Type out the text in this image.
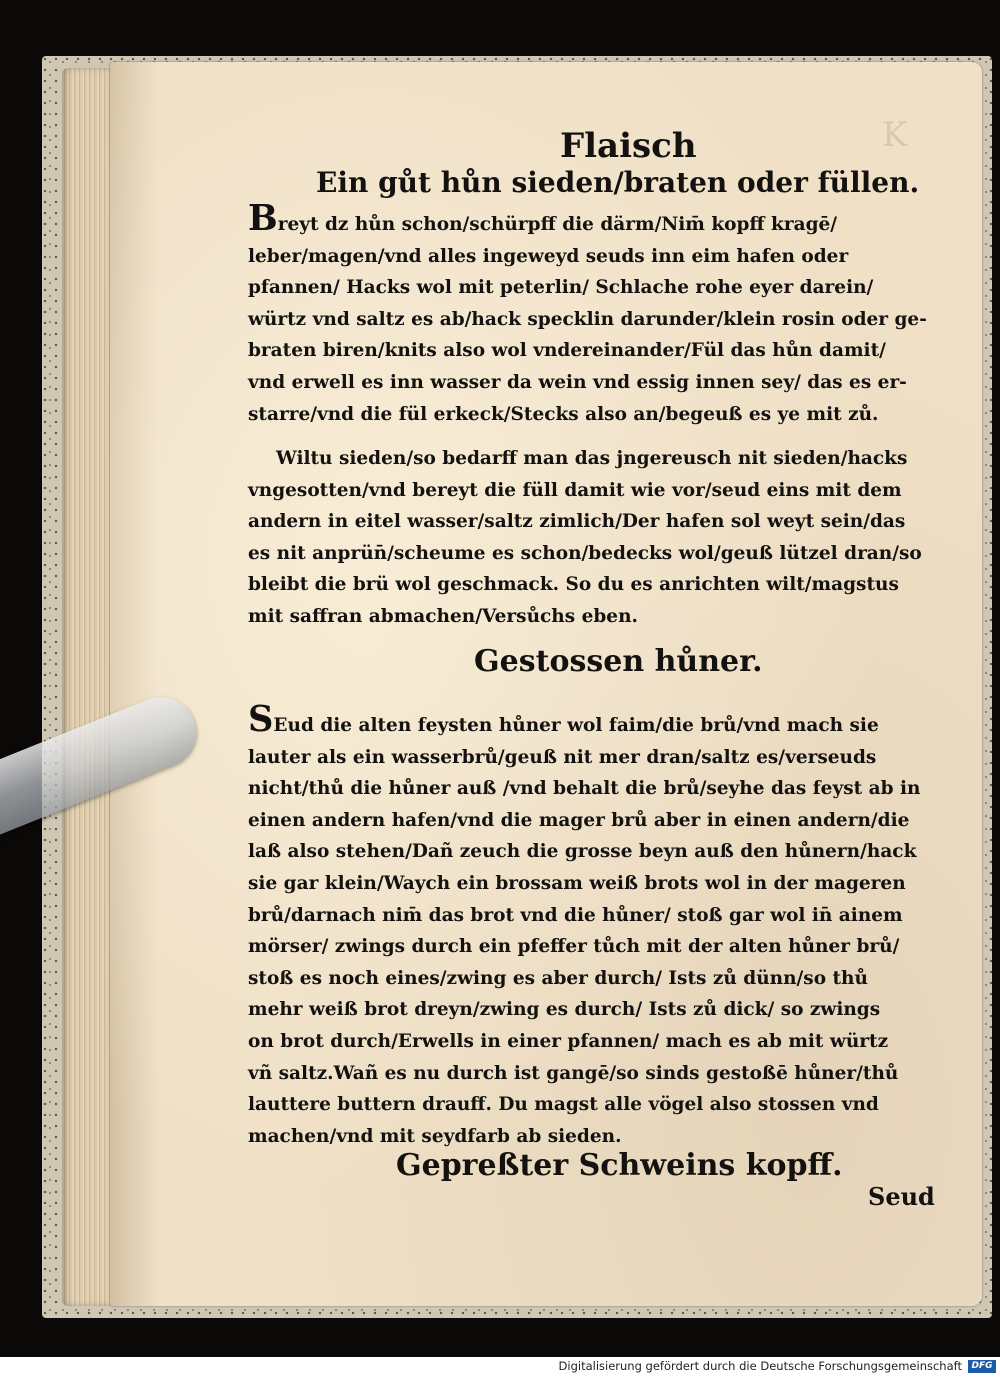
K
Flaisch
Ein gůt hůn sieden/braten oder füllen.
Breyt dz hůn schon/schürpff die därm/Nim̄ kopff kragē/
leber/magen/vnd alles ingeweyd seuds inn eim hafen oder
pfannen/ Hacks wol mit peterlin/ Schlache rohe eyer darein/
würtz vnd saltz es ab/hack specklin darunder/klein rosin oder ge-
braten biren/knits also wol vndereinander/Fül das hůn damit/
vnd erwell es inn wasser da wein vnd essig innen sey/ das es er-
starre/vnd die fül erkeck/Stecks also an/begeuß es ye mit zů.
Wiltu sieden/so bedarff man das jngereusch nit sieden/hacks
vngesotten/vnd bereyt die füll damit wie vor/seud eins mit dem
andern in eitel wasser/saltz zimlich/Der hafen sol weyt sein/das
es nit anprün̄/scheume es schon/bedecks wol/geuß lützel dran/so
bleibt die brü wol geschmack. So du es anrichten wilt/magstus
mit saffran abmachen/Versůchs eben.
Gestossen hůner.
SEud die alten feysten hůner wol faim/die brů/vnd mach sie
lauter als ein wasserbrů/geuß nit mer dran/saltz es/verseuds
nicht/thů die hůner auß /vnd behalt die brů/seyhe das feyst ab in
einen andern hafen/vnd die mager brů aber in einen andern/die
laß also stehen/Dañ zeuch die grosse beyn auß den hůnern/hack
sie gar klein/Waych ein brossam weiß brots wol in der mageren
brů/darnach nim̄ das brot vnd die hůner/ stoß gar wol in̄ ainem
mörser/ zwings durch ein pfeffer tůch mit der alten hůner brů/
stoß es noch eines/zwing es aber durch/ Ists zů dünn/so thů
mehr weiß brot dreyn/zwing es durch/ Ists zů dick/ so zwings
on brot durch/Erwells in einer pfannen/ mach es ab mit würtz
vñ saltz.Wañ es nu durch ist gangē/so sinds gestoßē hůner/thů
lauttere buttern drauff. Du magst alle vögel also stossen vnd
machen/vnd mit seydfarb ab sieden.
Gepreßter Schweins kopff.
Seud
Digitalisierung gefördert durch die Deutsche Forschungsgemeinschaft	DFG
